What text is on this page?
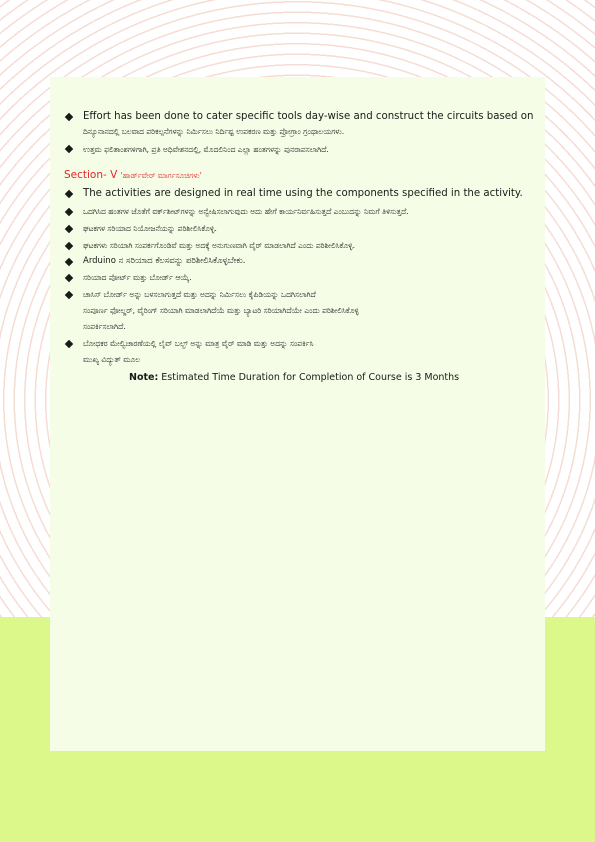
Effort has been done to cater specific tools day-wise and construct the circuits based on
ದಿನ್ಯೂನಾನದಲ್ಲಿ ಬಲವಾದ ಪರಿಕಲ್ಪನೆಗಳನ್ನು ನಿರ್ಮಿಸಲು ನಿರ್ದಿಷ್ಟ ಉಪಕರಣ ಮತ್ತು ಪ್ರೋಗ್ರಾಂ ಗ್ರಂಥಾಲಯಗಳು.
ಉತ್ತಮ ಫಲಿತಾಂಶಗಳಿಗಾಗಿ, ಪ್ರತಿ ಅಧಿವೇಶನದಲ್ಲಿ, ಮೊದಲಿನಿಂದ ಎಲ್ಲಾ ಹಂತಗಳನ್ನು ಪುನರಾಪಸಲಾಗಿದೆ.
Section- V 'ಹಾರ್ಡ್‌ವೇರ್ ಮಾರ್ಗಸೂಚಿಗಳು'
The activities are designed in real time using the components specified in the activity.
ಒದಗಿಸಿದ ಹಂತಗಳ ಜೊತೆಗೆ ವರ್ಕ್‌ಶೀಟ್‌ಗಳನ್ನು ಅನ್ವೇಷಿಸಲಾಗುವುದು ಅದು ಹೇಗೆ ಕಾರ್ಯನಿರ್ವಹಿಸುತ್ತದೆ ಎಂಬುದನ್ನು ನಿಮಗೆ ತಿಳಿಸುತ್ತದೆ.
ಘಟಕಗಳ ಸರಿಯಾದ ನಿಯೋಜನೆಯನ್ನು ಪರಿಶೀಲಿಸಿಕೊಳ್ಳಿ.
ಘಟಕಗಳು ಸರಿಯಾಗಿ ಸಂಪರ್ಕಗೊಂಡಿವೆ ಮತ್ತು ಅದಕ್ಕೆ ಅನುಗುಣವಾಗಿ ವೈರ್ ಮಾಡಲಾಗಿದೆ ಎಂದು ಪರಿಶೀಲಿಸಿಕೊಳ್ಳಿ.
Arduino ನ ಸರಿಯಾದ ಕೆಲಸವನ್ನು ಪರಿಶೀಲಿಸಿಕೊಳ್ಳಬೇಕು.
ಸರಿಯಾದ ಪೋರ್ಟ್ ಮತ್ತು ಬೋರ್ಡ್ ಆಯ್ಕೆ.
ಚಾಸಿಸ್ ಬೋರ್ಡ್ ಅನ್ನು ಬಳಸಲಾಗುತ್ತದೆ ಮತ್ತು ಅದನ್ನು ನಿರ್ಮಿಸಲು ಕೈಪಿಡಿಯನ್ನು ಒದಗಿಸಲಾಗಿದೆ
ಸಂಪೂರ್ಣ ಫೋಲ್ಡರ್, ವೈರಿಂಗ್ ಸರಿಯಾಗಿ ಮಾಡಲಾಗಿದೆಯೆ ಮತ್ತು ಬ್ಯಾಟರಿ ಸರಿಯಾಗಿದೆಯೇ ಎಂದು ಪರಿಶೀಲಿಸಿಕೊಳ್ಳಿ
ಸಂಪರ್ಕಿಸಲಾಗಿದೆ.
ಬೋಧಕರ ಮೇಲ್ವಿಚಾರಣೆಯಲ್ಲಿ ಲೈವ್ ಬಲ್ಬ್ ಅನ್ನು ಮಾತ್ರ ವೈರ್ ಮಾಡಿ ಮತ್ತು ಅದನ್ನು ಸಂಪರ್ಕಿಸಿ
ಮುಖ್ಯ ವಿದ್ಯುತ್ ಮೂಲ
Note: Estimated Time Duration for Completion of Course is 3 Months
